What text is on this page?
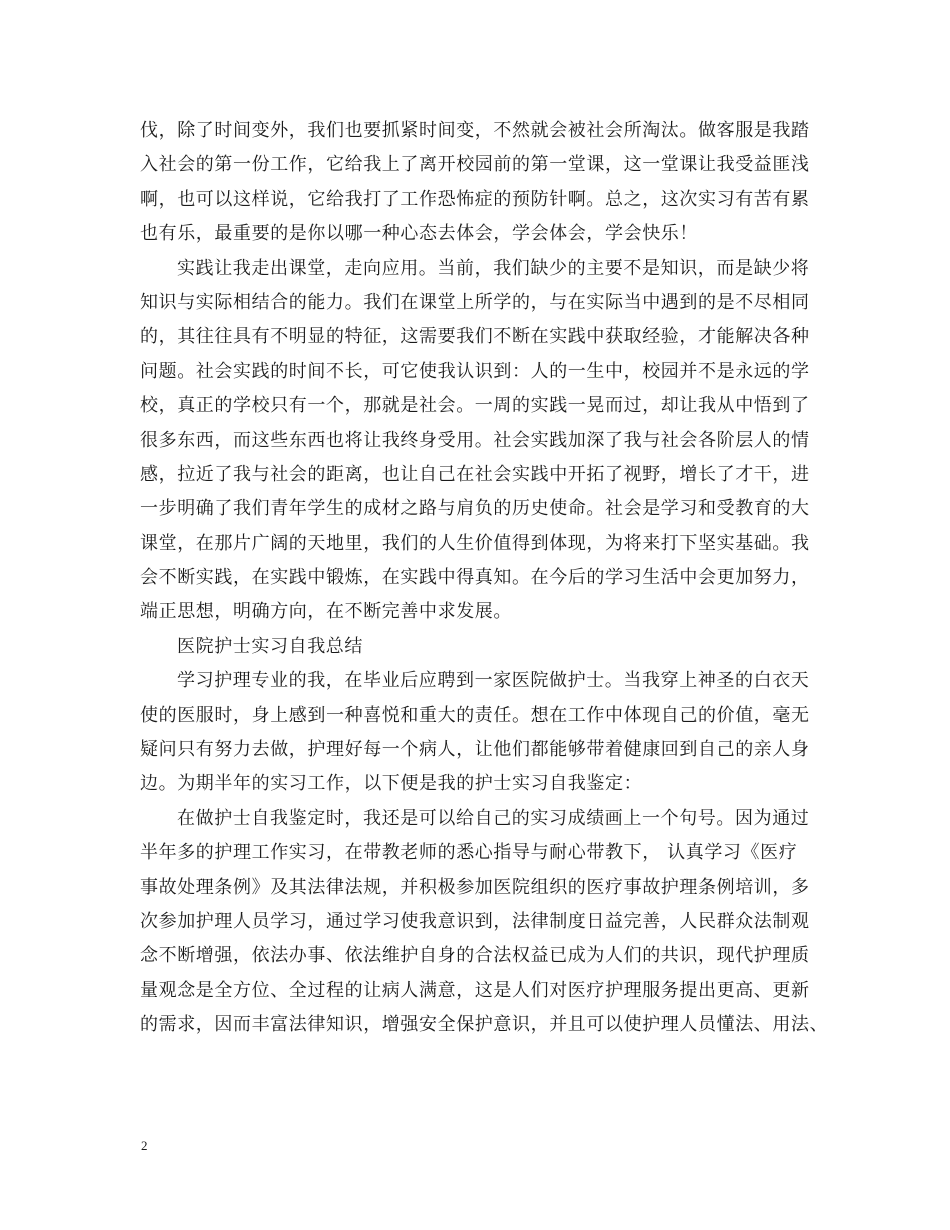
伐，除了时间变外，我们也要抓紧时间变，不然就会被社会所淘汰。做客服是我踏
入社会的第一份工作，它给我上了离开校园前的第一堂课，这一堂课让我受益匪浅
啊，也可以这样说，它给我打了工作恐怖症的预防针啊。总之，这次实习有苦有累
也有乐，最重要的是你以哪一种心态去体会，学会体会，学会快乐！
实践让我走出课堂，走向应用。当前，我们缺少的主要不是知识，而是缺少将
知识与实际相结合的能力。我们在课堂上所学的，与在实际当中遇到的是不尽相同
的，其往往具有不明显的特征，这需要我们不断在实践中获取经验，才能解决各种
问题。社会实践的时间不长，可它使我认识到：人的一生中，校园并不是永远的学
校，真正的学校只有一个，那就是社会。一周的实践一晃而过，却让我从中悟到了
很多东西，而这些东西也将让我终身受用。社会实践加深了我与社会各阶层人的情
感，拉近了我与社会的距离，也让自己在社会实践中开拓了视野，增长了才干，进
一步明确了我们青年学生的成材之路与肩负的历史使命。社会是学习和受教育的大
课堂，在那片广阔的天地里，我们的人生价值得到体现，为将来打下坚实基础。我
会不断实践，在实践中锻炼，在实践中得真知。在今后的学习生活中会更加努力，
端正思想，明确方向，在不断完善中求发展。
医院护士实习自我总结
学习护理专业的我，在毕业后应聘到一家医院做护士。当我穿上神圣的白衣天
使的医服时，身上感到一种喜悦和重大的责任。想在工作中体现自己的价值，毫无
疑问只有努力去做，护理好每一个病人，让他们都能够带着健康回到自己的亲人身
边。为期半年的实习工作，以下便是我的护士实习自我鉴定：
在做护士自我鉴定时，我还是可以给自己的实习成绩画上一个句号。因为通过
半年多的护理工作实习，在带教老师的悉心指导与耐心带教下， 认真学习《医疗
事故处理条例》及其法律法规，并积极参加医院组织的医疗事故护理条例培训，多
次参加护理人员学习，通过学习使我意识到，法律制度日益完善，人民群众法制观
念不断增强，依法办事、依法维护自身的合法权益已成为人们的共识，现代护理质
量观念是全方位、全过程的让病人满意，这是人们对医疗护理服务提出更高、更新
的需求，因而丰富法律知识，增强安全保护意识，并且可以使护理人员懂法、用法、
2
